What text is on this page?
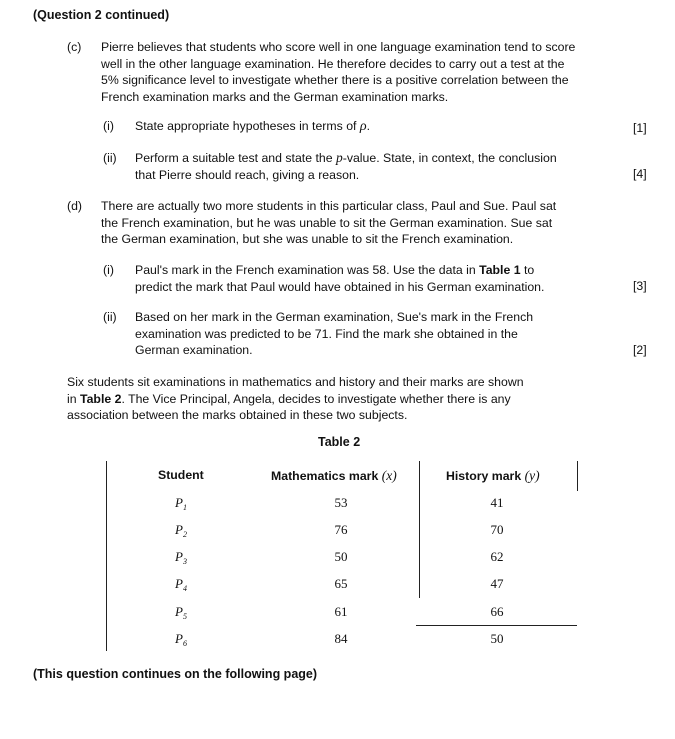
(Question 2 continued)
(c) Pierre believes that students who score well in one language examination tend to score
well in the other language examination. He therefore decides to carry out a test at the
5% significance level to investigate whether there is a positive correlation between the
French examination marks and the German examination marks.
(i) State appropriate hypotheses in terms of ρ.	[1]
(ii) Perform a suitable test and state the p-value. State, in context, the conclusion
that Pierre should reach, giving a reason.	[4]
(d) There are actually two more students in this particular class, Paul and Sue. Paul sat
the French examination, but he was unable to sit the German examination. Sue sat
the German examination, but she was unable to sit the French examination.
(i) Paul's mark in the French examination was 58. Use the data in Table 1 to
predict the mark that Paul would have obtained in his German examination.	[3]
(ii) Based on her mark in the German examination, Sue's mark in the French
examination was predicted to be 71. Find the mark she obtained in the
German examination.	[2]
Six students sit examinations in mathematics and history and their marks are shown
in Table 2. The Vice Principal, Angela, decides to investigate whether there is any
association between the marks obtained in these two subjects.
Table 2
Student	Mathematics mark (x)	History mark (y)
$P_1$	53	41
$P_2$	76	70
$P_3$	50	62
$P_4$	65	47
$P_5$	61	66
$P_6$	84	50
(This question continues on the following page)
